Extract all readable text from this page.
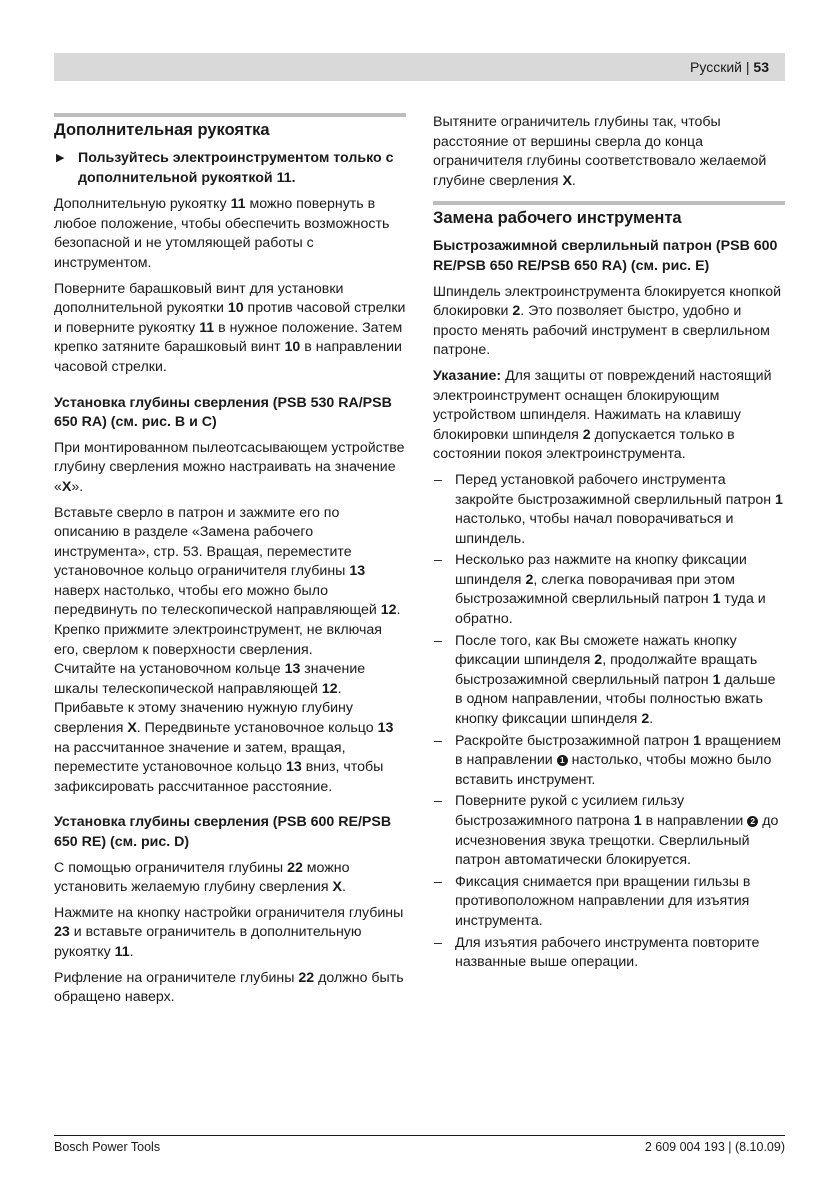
Русский | 53
Дополнительная рукоятка
▶ Пользуйтесь электроинструментом только с дополнительной рукояткой 11.

Дополнительную рукоятку 11 можно повернуть в любое положение, чтобы обеспечить возможность безопасной и не утомляющей работы с инструментом.

Поверните барашковый винт для установки дополнительной рукоятки 10 против часовой стрелки и поверните рукоятку 11 в нужное положение. Затем крепко затяните барашковый винт 10 в направлении часовой стрелки.

Установка глубины сверления (PSB 530 RA/PSB 650 RA) (см. рис. B и C)

При монтированном пылеотсасывающем устройстве глубину сверления можно настраивать на значение «X».

Вставьте сверло в патрон и зажмите его по описанию в разделе «Замена рабочего инструмента», стр. 53. Вращая, переместите установочное кольцо ограничителя глубины 13 наверх настолько, чтобы его можно было передвинуть по телескопической направляющей 12. Крепко прижмите электроинструмент, не включая его, сверлом к поверхности сверления.

Считайте на установочном кольце 13 значение шкалы телескопической направляющей 12. Прибавьте к этому значению нужную глубину сверления X. Передвиньте установочное кольцо 13 на рассчитанное значение и затем, вращая, переместите установочное кольцо 13 вниз, чтобы зафиксировать рассчитанное расстояние.

Установка глубины сверления (PSB 600 RE/PSB 650 RE) (см. рис. D)

С помощью ограничителя глубины 22 можно установить желаемую глубину сверления X.

Нажмите на кнопку настройки ограничителя глубины 23 и вставьте ограничитель в дополнительную рукоятку 11.

Рифление на ограничителе глубины 22 должно быть обращено наверх.

Вытяните ограничитель глубины так, чтобы расстояние от вершины сверла до конца ограничителя глубины соответствовало желаемой глубине сверления X.

Замена рабочего инструмента
Быстрозажимной сверлильный патрон (PSB 600 RE/PSB 650 RE/PSB 650 RA) (см. рис. E)

Шпиндель электроинструмента блокируется кнопкой блокировки 2. Это позволяет быстро, удобно и просто менять рабочий инструмент в сверлильном патроне.

Указание: Для защиты от повреждений настоящий электроинструмент оснащен блокирующим устройством шпинделя. Нажимать на клавишу блокировки шпинделя 2 допускается только в состоянии покоя электроинструмента.

– Перед установкой рабочего инструмента закройте быстрозажимной сверлильный патрон 1 настолько, чтобы начал поворачиваться и шпиндель.
– Несколько раз нажмите на кнопку фиксации шпинделя 2, слегка поворачивая при этом быстрозажимной сверлильный патрон 1 туда и обратно.
– После того, как Вы сможете нажать кнопку фиксации шпинделя 2, продолжайте вращать быстрозажимной сверлильный патрон 1 дальше в одном направлении, чтобы полностью вжать кнопку фиксации шпинделя 2.
– Раскройте быстрозажимной патрон 1 вращением в направлении 1 настолько, чтобы можно было вставить инструмент.
– Поверните рукой с усилием гильзу быстрозажимного патрона 1 в направлении 2 до исчезновения звука трещотки. Сверлильный патрон автоматически блокируется.
– Фиксация снимается при вращении гильзы в противоположном направлении для изъятия инструмента.
– Для изъятия рабочего инструмента повторите названные выше операции.
Bosch Power Tools	2 609 004 193 | (8.10.09)
